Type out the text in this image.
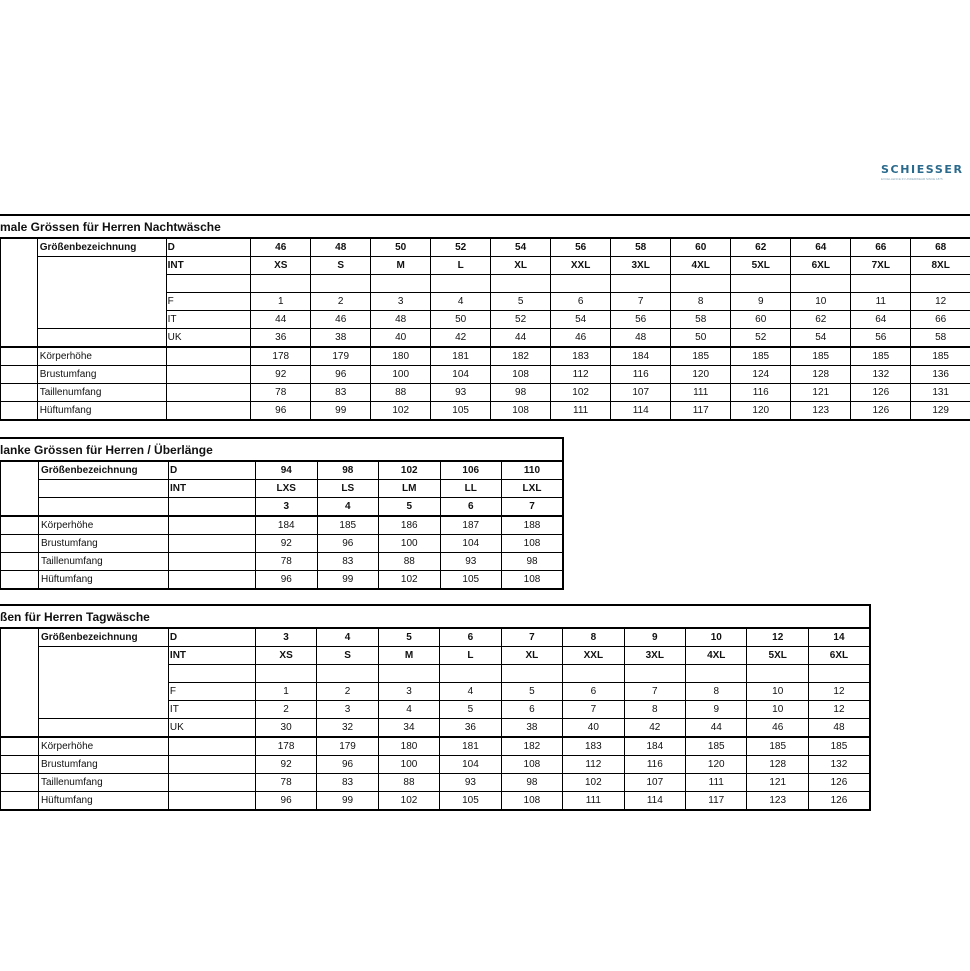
SCHIESSER
EXCELLENCE IN UNDERWEAR SINCE 1875
male Grössen für Herren Nachtwäsche
	Größenbezeichnung	D	46	48	50	52	54	56	58	60	62	64	66	68
		INT	XS	S	M	L	XL	XXL	3XL	4XL	5XL	6XL	7XL	8XL

		F	1	2	3	4	5	6	7	8	9	10	11	12
		IT	44	46	48	50	52	54	56	58	60	62	64	66
		UK	36	38	40	42	44	46	48	50	52	54	56	58
	Körperhöhe		178	179	180	181	182	183	184	185	185	185	185	185
	Brustumfang		92	96	100	104	108	112	116	120	124	128	132	136
	Taillenumfang		78	83	88	93	98	102	107	111	116	121	126	131
	Hüftumfang		96	99	102	105	108	111	114	117	120	123	126	129
lanke Grössen für Herren / Überlänge
	Größenbezeichnung	D	94	98	102	106	110
		INT	LXS	LS	LM	LL	LXL
			3	4	5	6	7
	Körperhöhe		184	185	186	187	188
	Brustumfang		92	96	100	104	108
	Taillenumfang		78	83	88	93	98
	Hüftumfang		96	99	102	105	108
ßen für Herren Tagwäsche
	Größenbezeichnung	D	3	4	5	6	7	8	9	10	12	14
		INT	XS	S	M	L	XL	XXL	3XL	4XL	5XL	6XL

		F	1	2	3	4	5	6	7	8	10	12
		IT	2	3	4	5	6	7	8	9	10	12
		UK	30	32	34	36	38	40	42	44	46	48
	Körperhöhe		178	179	180	181	182	183	184	185	185	185
	Brustumfang		92	96	100	104	108	112	116	120	128	132
	Taillenumfang		78	83	88	93	98	102	107	111	121	126
	Hüftumfang		96	99	102	105	108	111	114	117	123	126
